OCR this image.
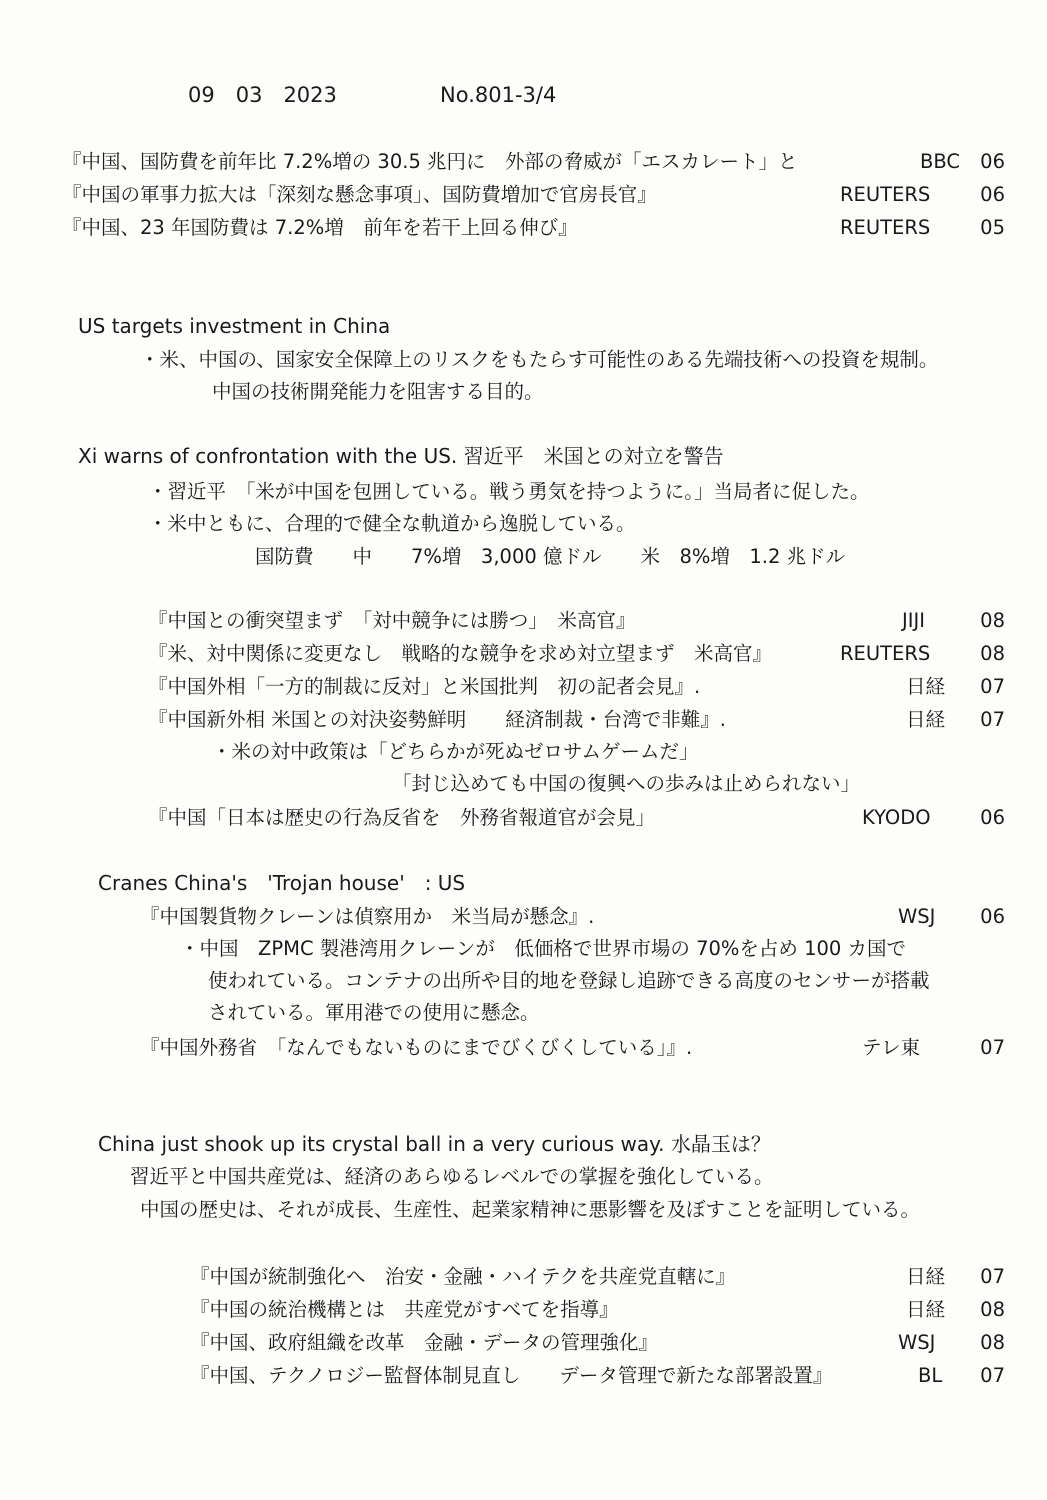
09　03　2023	No.801-3/4
『中国、国防費を前年比 7.2%増の 30.5 兆円に　外部の脅威が「エスカレート」と	BBC	06
『中国の軍事力拡大は「深刻な懸念事項」、国防費増加で官房長官』	REUTERS	06
『中国、23 年国防費は 7.2%増　前年を若干上回る伸び』	REUTERS	05
US targets investment in China
・米、中国の、国家安全保障上のリスクをもたらす可能性のある先端技術への投資を規制。
中国の技術開発能力を阻害する目的。
Xi warns of confrontation with the US. 習近平　米国との対立を警告
・習近平　「米が中国を包囲している。戦う勇気を持つように。」当局者に促した。
・米中ともに、合理的で健全な軌道から逸脱している。
国防費　　中　　7%増　3,000 億ドル　　米　8%増　1.2 兆ドル
『中国との衝突望まず　「対中競争には勝つ」　米高官』	JIJI	08
『米、対中関係に変更なし　戦略的な競争を求め対立望まず　米高官』	REUTERS	08
『中国外相「一方的制裁に反対」と米国批判　初の記者会見』.	日経	07
『中国新外相 米国との対決姿勢鮮明　　経済制裁・台湾で非難』.	日経	07
・米の対中政策は「どちらかが死ぬゼロサムゲームだ」
「封じ込めても中国の復興への歩みは止められない」
『中国「日本は歴史の行為反省を　外務省報道官が会見」	KYODO	06
Cranes China's　'Trojan house'　: US
『中国製貨物クレーンは偵察用か　米当局が懸念』.	WSJ	06
・中国　ZPMC 製港湾用クレーンが　低価格で世界市場の 70%を占め 100 カ国で
使われている。コンテナの出所や目的地を登録し追跡できる高度のセンサーが搭載
されている。軍用港での使用に懸念。
『中国外務省　「なんでもないものにまでびくびくしている」』.	テレ東	07
China just shook up its crystal ball in a very curious way. 水晶玉は？
習近平と中国共産党は、経済のあらゆるレベルでの掌握を強化している。
中国の歴史は、それが成長、生産性、起業家精神に悪影響を及ぼすことを証明している。
『中国が統制強化へ　治安・金融・ハイテクを共産党直轄に』	日経	07
『中国の統治機構とは　共産党がすべてを指導』	日経	08
『中国、政府組織を改革　金融・データの管理強化』	WSJ	08
『中国、テクノロジー監督体制見直し　　データ管理で新たな部署設置』	BL	07
